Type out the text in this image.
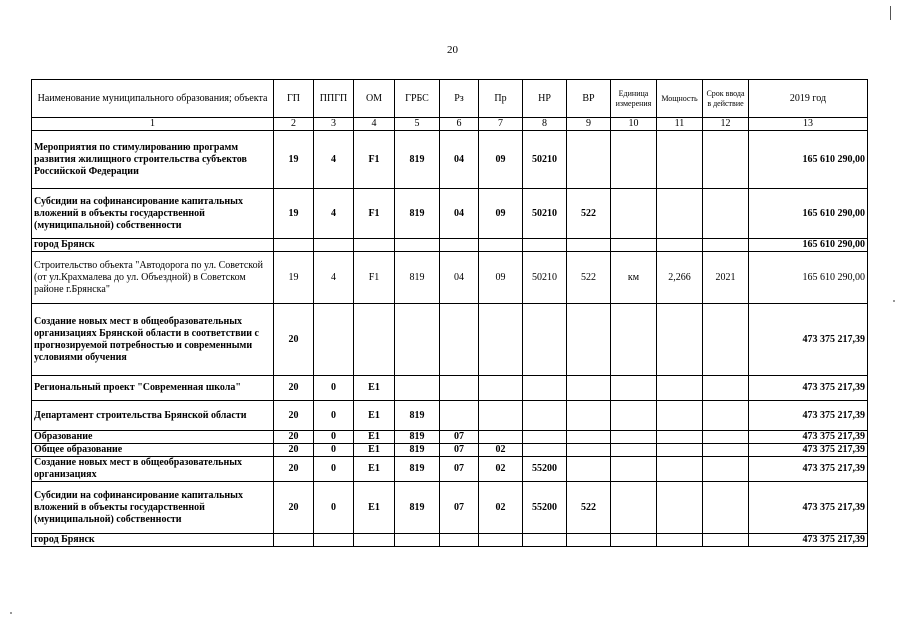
20
Наименование муниципального образования; объекта	ГП	ППГП	ОМ	ГРБС	Рз	Пр	НР	ВР	Единица измерения	Мощность	Срок ввода в действие	2019 год
1	2	3	4	5	6	7	8	9	10	11	12	13
Мероприятия по стимулированию программ развития жилищного строительства субъектов Российской Федерации	19	4	F1	819	04	09	50210					165 610 290,00
Субсидии на софинансирование капитальных вложений в объекты государственной (муниципальной) собственности	19	4	F1	819	04	09	50210	522				165 610 290,00
город Брянск												165 610 290,00
Строительство объекта "Автодорога по ул. Советской (от ул.Крахмалева до ул. Объездной) в Советском районе г.Брянска"	19	4	F1	819	04	09	50210	522	км	2,266	2021	165 610 290,00
Создание новых мест в общеобразовательных организациях Брянской области в соответствии с прогнозируемой потребностью и современными условиями обучения	20											473 375 217,39
Региональный проект "Современная школа"	20	0	E1									473 375 217,39
Департамент строительства Брянской области	20	0	E1	819								473 375 217,39
Образование	20	0	E1	819	07							473 375 217,39
Общее образование	20	0	E1	819	07	02						473 375 217,39
Создание новых мест в общеобразовательных организациях	20	0	E1	819	07	02	55200					473 375 217,39
Субсидии на софинансирование капитальных вложений в объекты государственной (муниципальной) собственности	20	0	E1	819	07	02	55200	522				473 375 217,39
город Брянск												473 375 217,39
